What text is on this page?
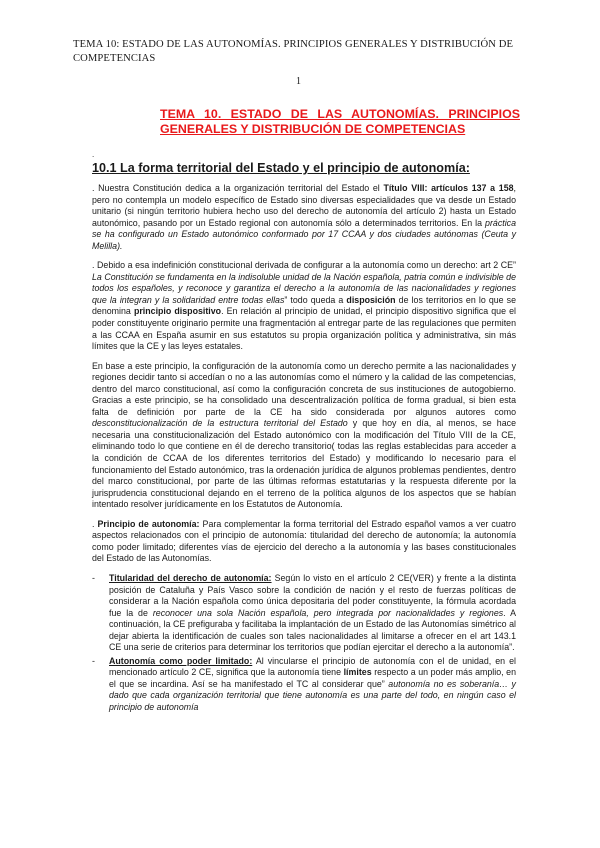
TEMA 10: ESTADO DE LAS AUTONOMÍAS. PRINCIPIOS GENERALES Y DISTRIBUCIÓN DE COMPETENCIAS
1
TEMA 10. ESTADO DE LAS AUTONOMÍAS. PRINCIPIOS GENERALES Y DISTRIBUCIÓN DE COMPETENCIAS
.
10.1 La forma territorial del Estado y el principio de autonomía:

. Nuestra Constitución dedica a la organización territorial del Estado el Título VIII: artículos 137 a 158, pero no contempla un modelo específico de Estado sino diversas especialidades que va desde un Estado unitario (si ningún territorio hubiera hecho uso del derecho de autonomía del artículo 2) hasta un Estado autonómico, pasando por un Estado regional con autonomía sólo a determinados territorios. En la práctica se ha configurado un Estado autonómico conformado por 17 CCAA y dos ciudades autónomas (Ceuta y Melilla).

. Debido a esa indefinición constitucional derivada de configurar a la autonomía como un derecho: art 2 CE” La Constitución se fundamenta en la indisoluble unidad de la Nación española, patria común e indivisible de todos los españoles, y reconoce y garantiza el derecho a la autonomía de las nacionalidades y regiones que la integran y la solidaridad entre todas ellas” todo queda a disposición de los territorios en lo que se denomina principio dispositivo. En relación al principio de unidad, el principio dispositivo significa que el poder constituyente originario permite una fragmentación al entregar parte de las regulaciones que permiten a las CCAA en España asumir en sus estatutos su propia organización política y administrativa, sin más límites que la CE y las leyes estatales.

En base a este principio, la configuración de la autonomía como un derecho permite a las nacionalidades y regiones decidir tanto si accedían o no a las autonomías como el número y la calidad de las competencias, dentro del marco constitucional, así como la configuración concreta de sus instituciones de autogobierno. Gracias a este principio, se ha consolidado una descentralización política de forma gradual, si bien esta falta de definición por parte de la CE ha sido considerada por algunos autores como desconstitucionalización de la estructura territorial del Estado y que hoy en día, al menos, se hace necesaria una constitucionalización del Estado autonómico con la modificación del Título VIII de la CE, eliminando todo lo que contiene en él de derecho transitorio( todas las reglas establecidas para acceder a la condición de CCAA de los diferentes territorios del Estado) y modificando lo necesario para el funcionamiento del Estado autonómico, tras la ordenación jurídica de algunos problemas pendientes, dentro del marco constitucional, por parte de las últimas reformas estatutarias y la respuesta diferente por la jurisprudencia constitucional dejando en el terreno de la política algunos de los aspectos que se habían intentado resolver jurídicamente en los Estatutos de Autonomía.

. Principio de autonomía: Para complementar la forma territorial del Estrado español vamos a ver cuatro aspectos relacionados con el principio de autonomía: titularidad del derecho de autonomía; la autonomía como poder limitado; diferentes vías de ejercicio del derecho a la autonomía y las bases constitucionales del Estado de las Autonomías.

- Titularidad del derecho de autonomía: Según lo visto en el artículo 2 CE(VER) y frente a la distinta posición de Cataluña y País Vasco sobre la condición de nación y el resto de fuerzas políticas de considerar a la Nación española como única depositaria del poder constituyente, la fórmula acordada fue la de reconocer una sola Nación española, pero integrada por nacionalidades y regiones. A continuación, la CE prefiguraba y facilitaba la implantación de un Estado de las Autonomías simétrico al dejar abierta la identificación de cuales son tales nacionalidades al limitarse a ofrecer en el art 143.1 CE una serie de criterios para determinar los territorios que podían ejercitar el derecho a la autonomía”.
- Autonomía como poder limitado: Al vincularse el principio de autonomía con el de unidad, en el mencionado artículo 2 CE, significa que la autonomía tiene límites respecto a un poder más amplio, en el que se incardina. Así se ha manifestado el TC al considerar que” autonomía no es soberanía… y dado que cada organización territorial que tiene autonomía es una parte del todo, en ningún caso el principio de autonomía
